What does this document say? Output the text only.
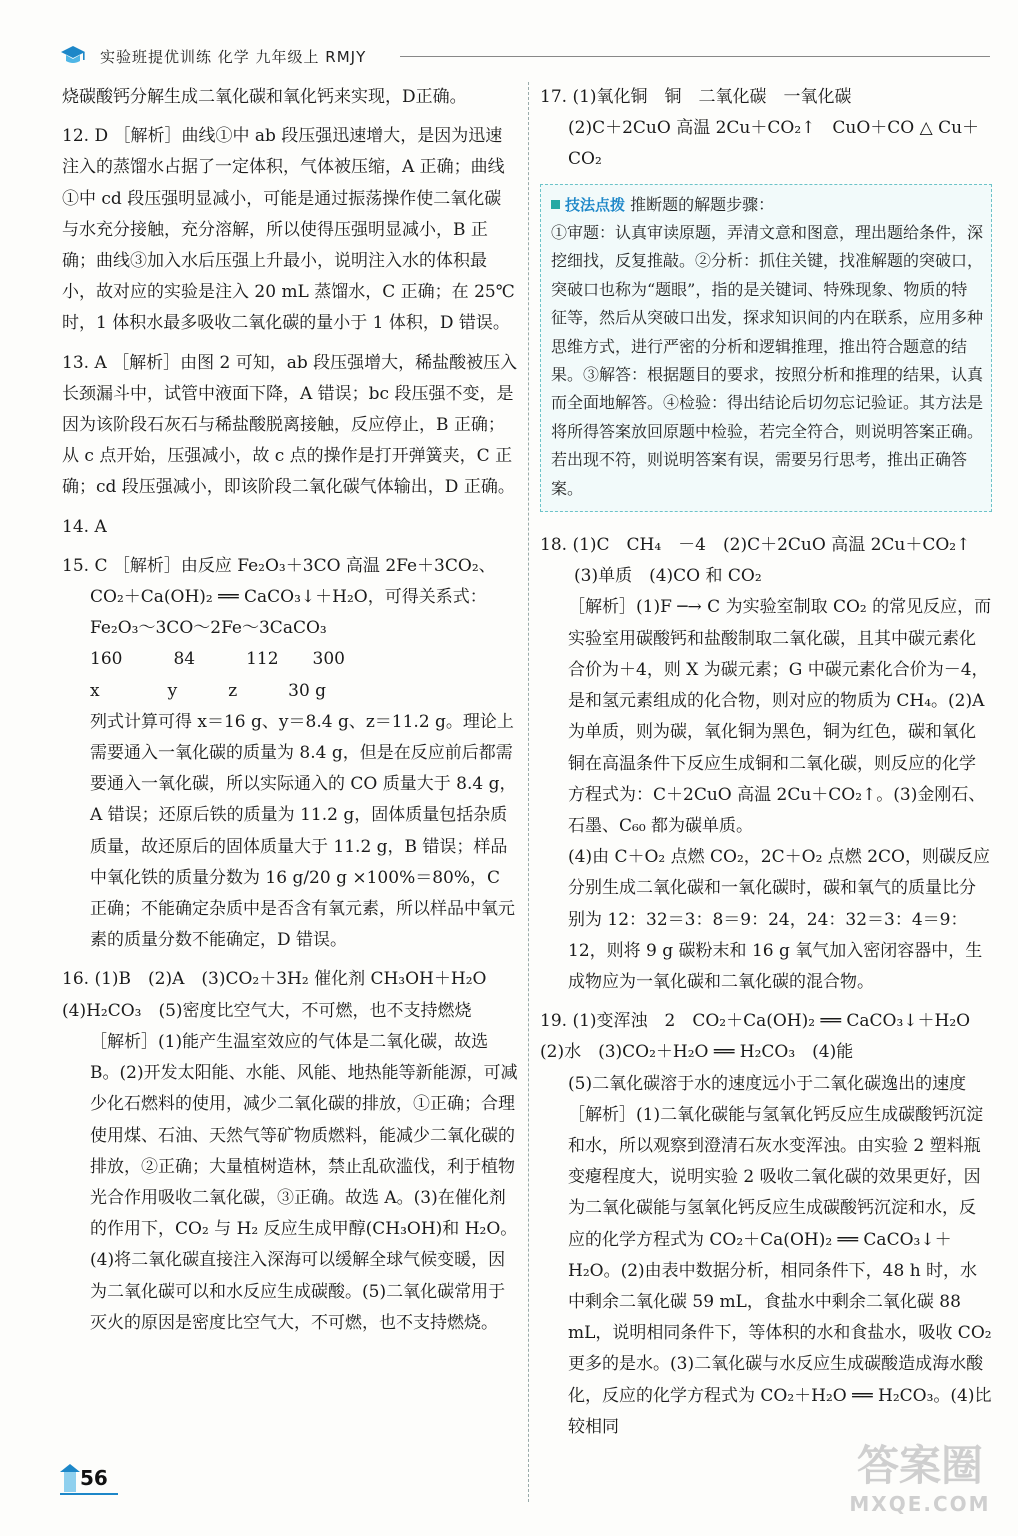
实验班提优训练 化学 九年级上 RMJY

烧碳酸钙分解生成二氧化碳和氧化钙来实现，D正确。

12. D ［解析］曲线①中 ab 段压强迅速增大，是因为迅速注入的蒸馏水占据了一定体积，气体被压缩，A 正确；曲线①中 cd 段压强明显减小，可能是通过振荡操作使二氧化碳与水充分接触，充分溶解，所以使得压强明显减小，B 正确；曲线③加入水后压强上升最小，说明注入水的体积最小，故对应的实验是注入 20 mL 蒸馏水，C 正确；在 25℃时，1 体积水最多吸收二氧化碳的量小于 1 体积，D 错误。

13. A ［解析］由图 2 可知，ab 段压强增大，稀盐酸被压入长颈漏斗中，试管中液面下降，A 错误；bc 段压强不变，是因为该阶段石灰石与稀盐酸脱离接触，反应停止，B 正确；从 c 点开始，压强减小，故 c 点的操作是打开弹簧夹，C 正确；cd 段压强减小，即该阶段二氧化碳气体输出，D 正确。

14. A

15. C ［解析］由反应 Fe₂O₃＋3CO 高温 2Fe＋3CO₂、

CO₂＋Ca(OH)₂ ══ CaCO₃↓＋H₂O，可得关系式：

Fe₂O₃～3CO～2Fe～3CaCO₃

160　　　84　　　112　　300

x　　　　y　　　z　　　30 g

列式计算可得 x＝16 g、y＝8.4 g、z＝11.2 g。理论上需要通入一氧化碳的质量为 8.4 g，但是在反应前后都需要通入一氧化碳，所以实际通入的 CO 质量大于 8.4 g，A 错误；还原后铁的质量为 11.2 g，固体质量包括杂质质量，故还原后的固体质量大于 11.2 g，B 错误；样品中氧化铁的质量分数为 16 g/20 g ×100%＝80%，C 正确；不能确定杂质中是否含有氧元素，所以样品中氧元素的质量分数不能确定，D 错误。

16. (1)B　(2)A　(3)CO₂＋3H₂ 催化剂 CH₃OH＋H₂O　(4)H₂CO₃　(5)密度比空气大，不可燃，也不支持燃烧

［解析］(1)能产生温室效应的气体是二氧化碳，故选 B。(2)开发太阳能、水能、风能、地热能等新能源，可减少化石燃料的使用，减少二氧化碳的排放，①正确；合理使用煤、石油、天然气等矿物质燃料，能减少二氧化碳的排放，②正确；大量植树造林，禁止乱砍滥伐，利于植物光合作用吸收二氧化碳，③正确。故选 A。(3)在催化剂的作用下，CO₂ 与 H₂ 反应生成甲醇(CH₃OH)和 H₂O。(4)将二氧化碳直接注入深海可以缓解全球气候变暖，因为二氧化碳可以和水反应生成碳酸。(5)二氧化碳常用于灭火的原因是密度比空气大，不可燃，也不支持燃烧。

17. (1)氧化铜　铜　二氧化碳　一氧化碳

(2)C＋2CuO 高温 2Cu＋CO₂↑　CuO＋CO △ Cu＋CO₂

技法点拨 推断题的解题步骤：

①审题：认真审读原题，弄清文意和图意，理出题给条件，深挖细找，反复推敲。②分析：抓住关键，找准解题的突破口，突破口也称为“题眼”，指的是关键词、特殊现象、物质的特征等，然后从突破口出发，探求知识间的内在联系，应用多种思维方式，进行严密的分析和逻辑推理，推出符合题意的结果。③解答：根据题目的要求，按照分析和推理的结果，认真而全面地解答。④检验：得出结论后切勿忘记验证。其方法是将所得答案放回原题中检验，若完全符合，则说明答案正确。若出现不符，则说明答案有误，需要另行思考，推出正确答案。

18. (1)C　CH₄　－4　(2)C＋2CuO 高温 2Cu＋CO₂↑

(3)单质　(4)CO 和 CO₂

［解析］(1)F ─→ C 为实验室制取 CO₂ 的常见反应，而实验室用碳酸钙和盐酸制取二氧化碳，且其中碳元素化合价为＋4，则 X 为碳元素；G 中碳元素化合价为－4，是和氢元素组成的化合物，则对应的物质为 CH₄。(2)A 为单质，则为碳，氧化铜为黑色，铜为红色，碳和氧化铜在高温条件下反应生成铜和二氧化碳，则反应的化学方程式为：C＋2CuO 高温 2Cu＋CO₂↑。(3)金刚石、石墨、C₆₀ 都为碳单质。

(4)由 C＋O₂ 点燃 CO₂，2C＋O₂ 点燃 2CO，则碳反应分别生成二氧化碳和一氧化碳时，碳和氧气的质量比分别为 12：32＝3：8＝9：24，24：32＝3：4＝9：12，则将 9 g 碳粉末和 16 g 氧气加入密闭容器中，生成物应为一氧化碳和二氧化碳的混合物。

19. (1)变浑浊　2　CO₂＋Ca(OH)₂ ══ CaCO₃↓＋H₂O　(2)水　(3)CO₂＋H₂O ══ H₂CO₃　(4)能

(5)二氧化碳溶于水的速度远小于二氧化碳逸出的速度

［解析］(1)二氧化碳能与氢氧化钙反应生成碳酸钙沉淀和水，所以观察到澄清石灰水变浑浊。由实验 2 塑料瓶变瘪程度大，说明实验 2 吸收二氧化碳的效果更好，因为二氧化碳能与氢氧化钙反应生成碳酸钙沉淀和水，反应的化学方程式为 CO₂＋Ca(OH)₂ ══ CaCO₃↓＋H₂O。(2)由表中数据分析，相同条件下，48 h 时，水中剩余二氧化碳 59 mL，食盐水中剩余二氧化碳 88 mL，说明相同条件下，等体积的水和食盐水，吸收 CO₂ 更多的是水。(3)二氧化碳与水反应生成碳酸造成海水酸化，反应的化学方程式为 CO₂＋H₂O ══ H₂CO₃。(4)比较相同

56	答案圈
MXQE.COM
